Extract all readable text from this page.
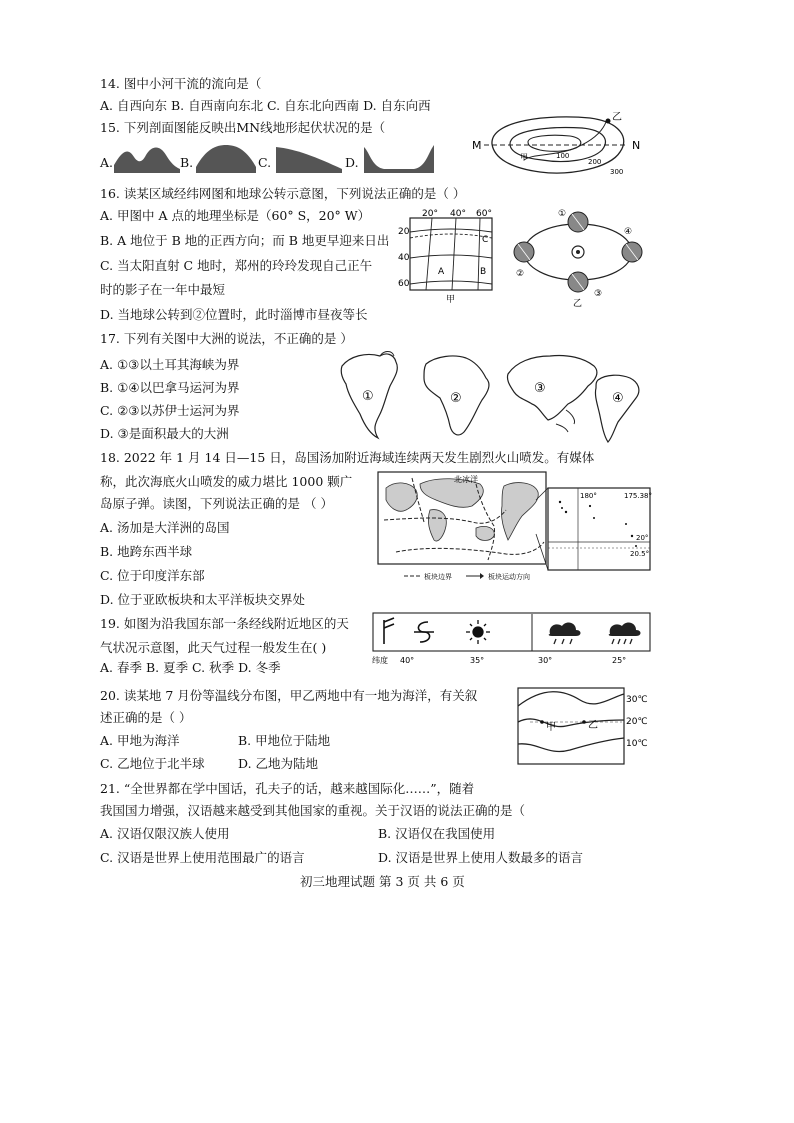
14. 图中小河干流的流向是（
A. 自西向东 B. 自西南向东北 C. 自东北向西南 D. 自东向西
15. 下列剖面图能反映出MN线地形起伏状况的是（
A.	B.	C.	D.
M	N
乙
甲	100
200
300
16. 读某区域经纬网图和地球公转示意图，下列说法正确的是（ ）
A. 甲图中 A 点的地理坐标是（60° S，20° W）
B. A 地位于 B 地的正西方向；而 B 地更早迎来日出
C. 当太阳直射 C 地时，郑州的玲玲发现自己正午
时的影子在一年中最短
D. 当地球公转到②位置时，此时淄博市昼夜等长
20° 40° 60°
20
40
60
A	B
C
甲
①
②
③
④
乙
17. 下列有关图中大洲的说法，不正确的是 ）
A. ①③以土耳其海峡为界
B. ①④以巴拿马运河为界
C. ②③以苏伊士运河为界
D. ③是面积最大的大洲
①	②
③
④
18. 2022 年 1 月 14 日—15 日，岛国汤加附近海域连续两天发生剧烈火山喷发。有媒体
称，此次海底火山喷发的威力堪比 1000 颗广
岛原子弹。读图，下列说法正确的是 （ ）
A. 汤加是大洋洲的岛国
B. 地跨东西半球
C. 位于印度洋东部
D. 位于亚欧板块和太平洋板块交界处
北冰洋
180°	175.38°
20°
20.5°
板块边界	板块运动方向
19. 如图为沿我国东部一条经线附近地区的天
气状况示意图，此天气过程一般发生在( )
A. 春季 B. 夏季 C. 秋季 D. 冬季	纬度 40°	35°	30°	25°
20. 读某地 7 月份等温线分布图，甲乙两地中有一地为海洋，有关叙
述正确的是（ ）
A. 甲地为海洋	B. 甲地位于陆地
C. 乙地位于北半球	D. 乙地为陆地
甲	乙
30℃
20℃
10℃
21. “全世界都在学中国话，孔夫子的话，越来越国际化……”，随着
我国国力增强，汉语越来越受到其他国家的重视。关于汉语的说法正确的是（
A. 汉语仅限汉族人使用	B. 汉语仅在我国使用
C. 汉语是世界上使用范围最广的语言	D. 汉语是世界上使用人数最多的语言
初三地理试题 第 3 页 共 6 页
